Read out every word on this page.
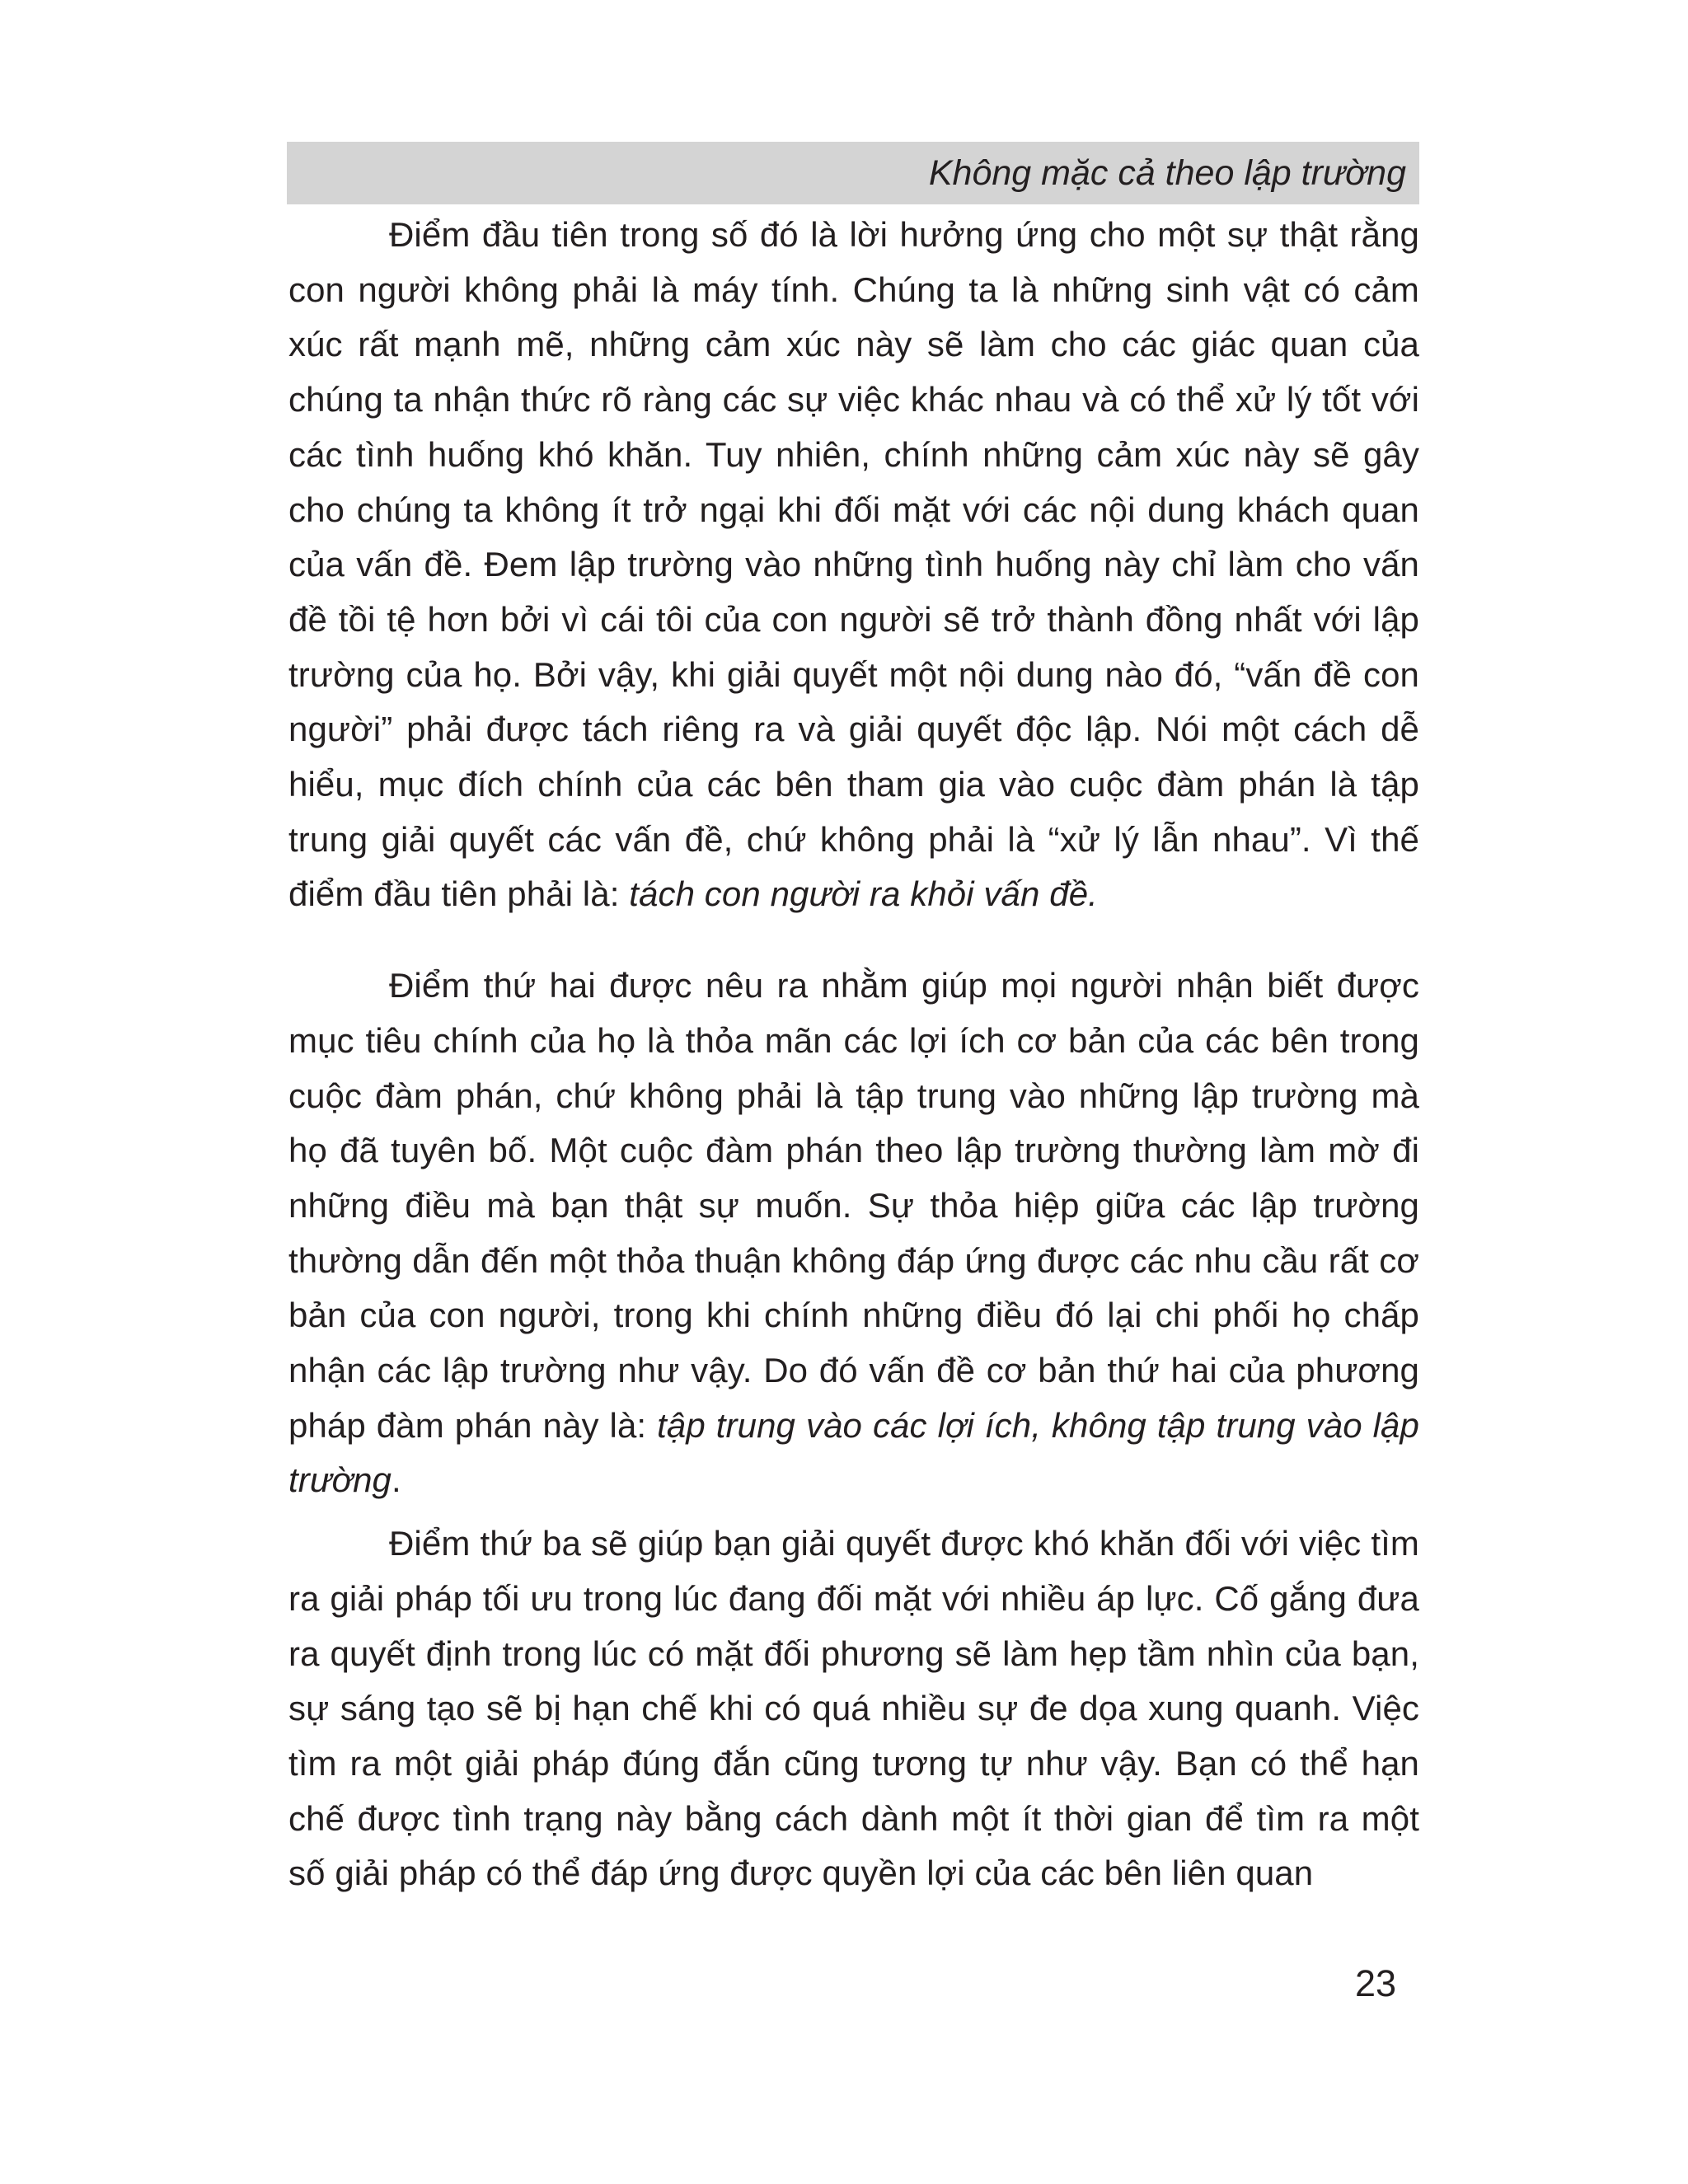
Không mặc cả theo lập trường

Điểm đầu tiên trong số đó là lời hưởng ứng cho một sự thật rằng con người không phải là máy tính. Chúng ta là những sinh vật có cảm xúc rất mạnh mẽ, những cảm xúc này sẽ làm cho các giác quan của chúng ta nhận thức rõ ràng các sự việc khác nhau và có thể xử lý tốt với các tình huống khó khăn. Tuy nhiên, chính những cảm xúc này sẽ gây cho chúng ta không ít trở ngại khi đối mặt với các nội dung khách quan của vấn đề. Đem lập trường vào những tình huống này chỉ làm cho vấn đề tồi tệ hơn bởi vì cái tôi của con người sẽ trở thành đồng nhất với lập trường của họ. Bởi vậy, khi giải quyết một nội dung nào đó, “vấn đề con người” phải được tách riêng ra và giải quyết độc lập. Nói một cách dễ hiểu, mục đích chính của các bên tham gia vào cuộc đàm phán là tập trung giải quyết các vấn đề, chứ không phải là “xử lý lẫn nhau”. Vì thế điểm đầu tiên phải là: tách con người ra khỏi vấn đề.

Điểm thứ hai được nêu ra nhằm giúp mọi người nhận biết được mục tiêu chính của họ là thỏa mãn các lợi ích cơ bản của các bên trong cuộc đàm phán, chứ không phải là tập trung vào những lập trường mà họ đã tuyên bố. Một cuộc đàm phán theo lập trường thường làm mờ đi những điều mà bạn thật sự muốn. Sự thỏa hiệp giữa các lập trường thường dẫn đến một thỏa thuận không đáp ứng được các nhu cầu rất cơ bản của con người, trong khi chính những điều đó lại chi phối họ chấp nhận các lập trường như vậy. Do đó vấn đề cơ bản thứ hai của phương pháp đàm phán này là: tập trung vào các lợi ích, không tập trung vào lập trường.

Điểm thứ ba sẽ giúp bạn giải quyết được khó khăn đối với việc tìm ra giải pháp tối ưu trong lúc đang đối mặt với nhiều áp lực. Cố gắng đưa ra quyết định trong lúc có mặt đối phương sẽ làm hẹp tầm nhìn của bạn, sự sáng tạo sẽ bị hạn chế khi có quá nhiều sự đe dọa xung quanh. Việc tìm ra một giải pháp đúng đắn cũng tương tự như vậy. Bạn có thể hạn chế được tình trạng này bằng cách dành một ít thời gian để tìm ra một số giải pháp có thể đáp ứng được quyền lợi của các bên liên quan

23
